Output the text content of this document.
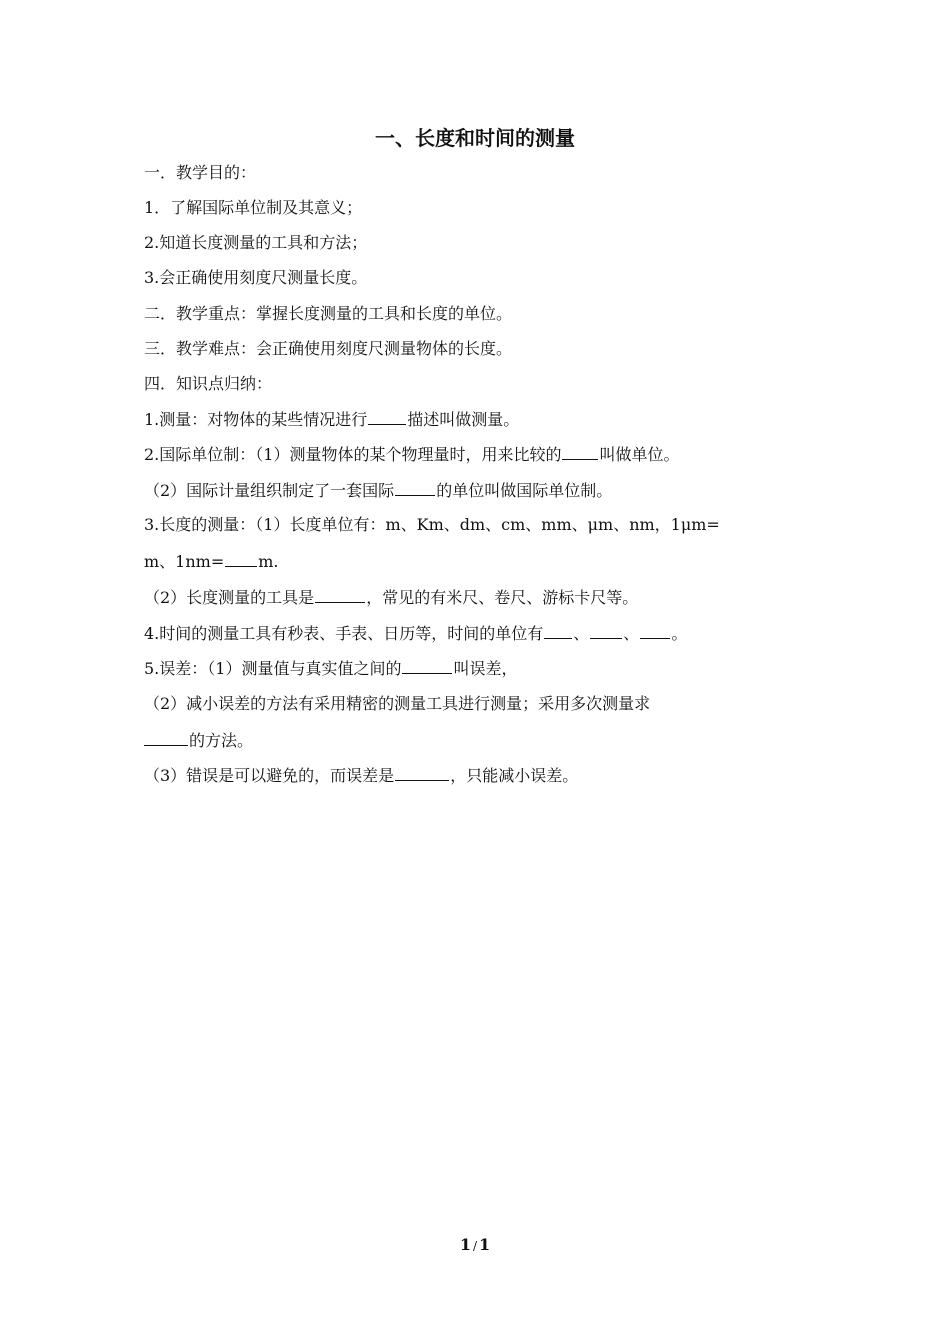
一、长度和时间的测量
一．教学目的：
1．了解国际单位制及其意义；
2.知道长度测量的工具和方法；
3.会正确使用刻度尺测量长度。
二．教学重点：掌握长度测量的工具和长度的单位。
三．教学难点：会正确使用刻度尺测量物体的长度。
四．知识点归纳：
1.测量：对物体的某些情况进行	描述叫做测量。
2.国际单位制：（1）测量物体的某个物理量时，用来比较的 叫做单位。
（2）国际计量组织制定了一套国际	的单位叫做国际单位制。
3.长度的测量：（1）长度单位有：m、Km、dm、cm、mm、μm、nm，1μm=
m、1nm= m.
（2）长度测量的工具是	，常见的有米尺、卷尺、游标卡尺等。
4.时间的测量工具有秒表、手表、日历等，时间的单位有 、 、 。
5.误差：（1）测量值与真实值之间的	叫误差，
（2）减小误差的方法有采用精密的测量工具进行测量；采用多次测量求
的方法。
（3）错误是可以避免的，而误差是	，只能减小误差。
1 / 1
